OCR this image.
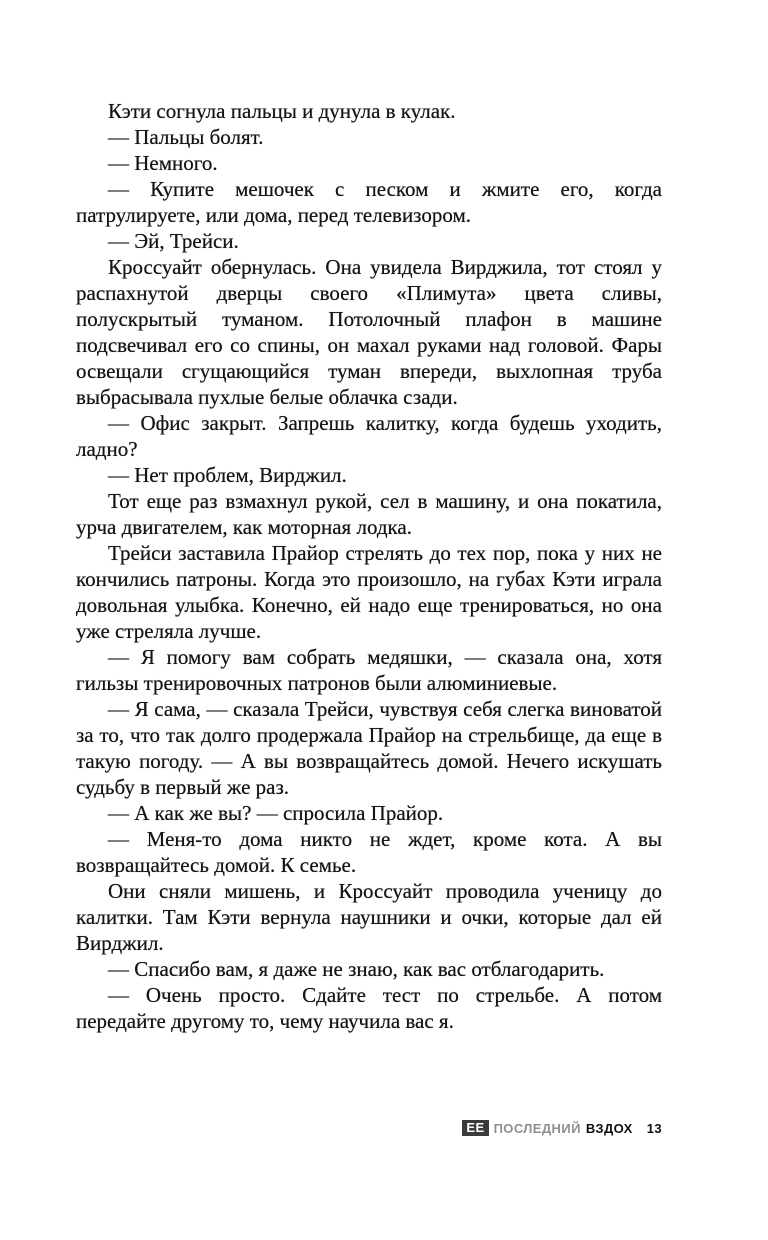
Кэти согнула пальцы и дунула в кулак.

— Пальцы болят.

— Немного.

— Купите мешочек с песком и жмите его, когда патрулируете, или дома, перед телевизором.

— Эй, Трейси.

Кроссуайт обернулась. Она увидела Вирджила, тот стоял у распахнутой дверцы своего «Плимута» цвета сливы, полускрытый туманом. Потолочный плафон в машине подсвечивал его со спины, он махал руками над головой. Фары освещали сгущающийся туман впереди, выхлопная труба выбрасывала пухлые белые облачка сзади.

— Офис закрыт. Запрешь калитку, когда будешь уходить, ладно?

— Нет проблем, Вирджил.

Тот еще раз взмахнул рукой, сел в машину, и она покатила, урча двигателем, как моторная лодка.

Трейси заставила Прайор стрелять до тех пор, пока у них не кончились патроны. Когда это произошло, на губах Кэти играла довольная улыбка. Конечно, ей надо еще тренироваться, но она уже стреляла лучше.

— Я помогу вам собрать медяшки, — сказала она, хотя гильзы тренировочных патронов были алюминиевые.

— Я сама, — сказала Трейси, чувствуя себя слегка виноватой за то, что так долго продержала Прайор на стрельбище, да еще в такую погоду. — А вы возвращайтесь домой. Нечего искушать судьбу в первый же раз.

— А как же вы? — спросила Прайор.

— Меня-то дома никто не ждет, кроме кота. А вы возвращайтесь домой. К семье.

Они сняли мишень, и Кроссуайт проводила ученицу до калитки. Там Кэти вернула наушники и очки, которые дал ей Вирджил.

— Спасибо вам, я даже не знаю, как вас отблагодарить.

— Очень просто. Сдайте тест по стрельбе. А потом передайте другому то, чему научила вас я.

ЕЕ ПОСЛЕДНИЙ ВЗДОХ 13
